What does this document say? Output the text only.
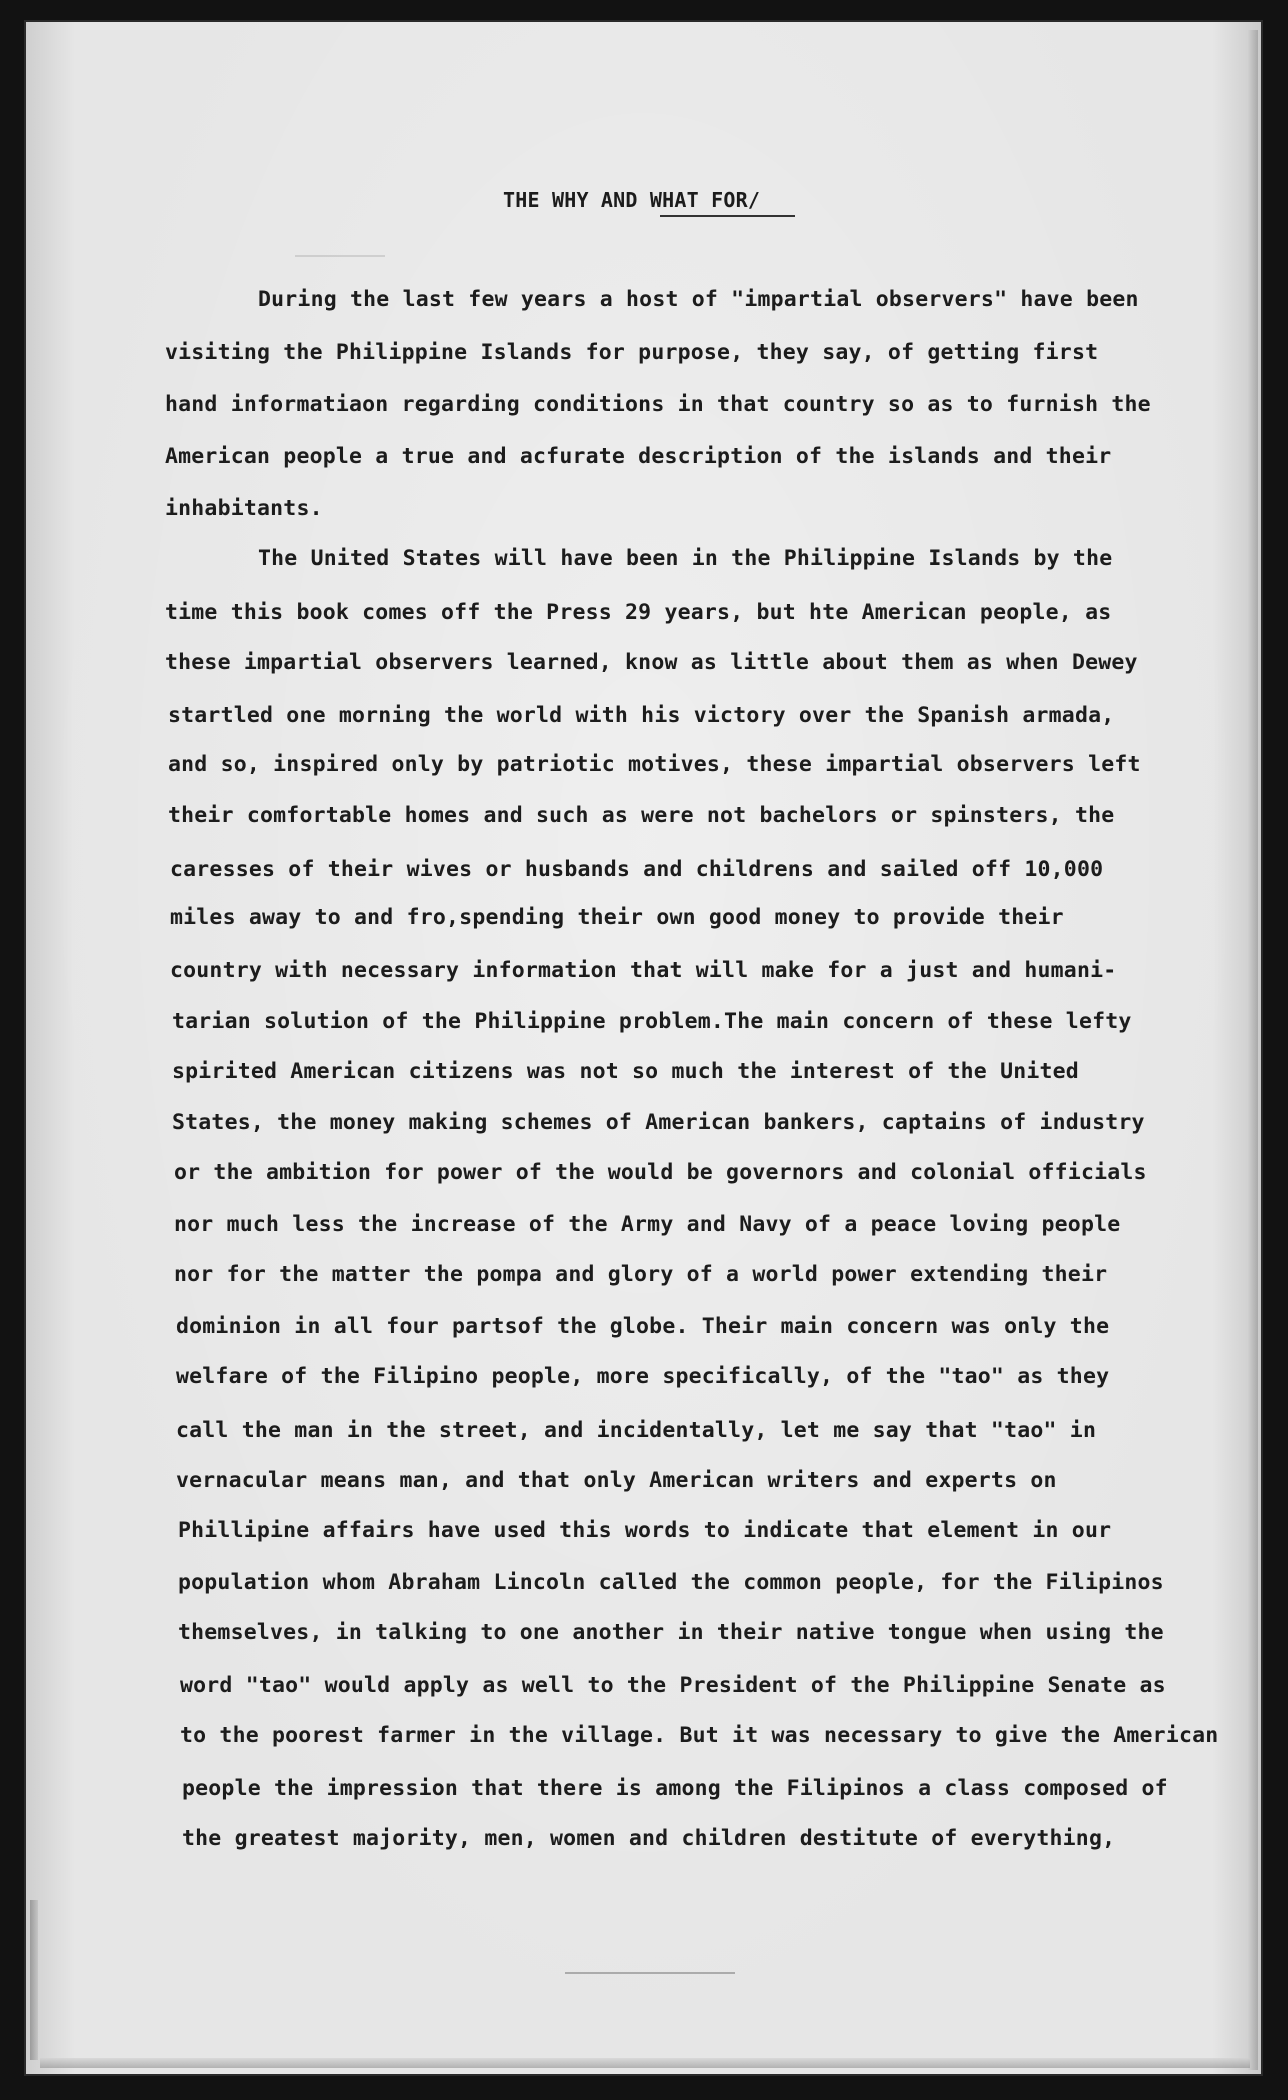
THE WHY AND WHAT FOR/
During the last few years a host of "impartial observers" have been
visiting the Philippine Islands for purpose, they say, of getting first
hand informatiaon regarding conditions in that country so as to furnish the
American people a true and acfurate description of the islands and their
inhabitants.
The United States will have been in the Philippine Islands by the
time this book comes off the Press 29 years, but hte American people, as
these impartial observers learned, know as little about them as when Dewey
startled one morning the world with his victory over the Spanish armada,
and so, inspired only by patriotic motives, these impartial observers left
their comfortable homes and such as were not bachelors or spinsters, the
caresses of their wives or husbands and childrens and sailed off 10,000
miles away to and fro,spending their own good money to provide their
country with necessary information that will make for a just and humani-
tarian solution of the Philippine problem.The main concern of these lefty
spirited American citizens was not so much the interest of the United
States, the money making schemes of American bankers, captains of industry
or the ambition for power of the would be governors and colonial officials
nor much less the increase of the Army and Navy of a peace loving people
nor for the matter the pompa and glory of a world power extending their
dominion in all four partsof the globe. Their main concern was only the
welfare of the Filipino people, more specifically, of the "tao" as they
call the man in the street, and incidentally, let me say that "tao" in
vernacular means man, and that only American writers and experts on
Phillipine affairs have used this words to indicate that element in our
population whom Abraham Lincoln called the common people, for the Filipinos
themselves, in talking to one another in their native tongue when using the
word "tao" would apply as well to the President of the Philippine Senate as
to the poorest farmer in the village. But it was necessary to give the American
people the impression that there is among the Filipinos a class composed of
the greatest majority, men, women and children destitute of everything,
